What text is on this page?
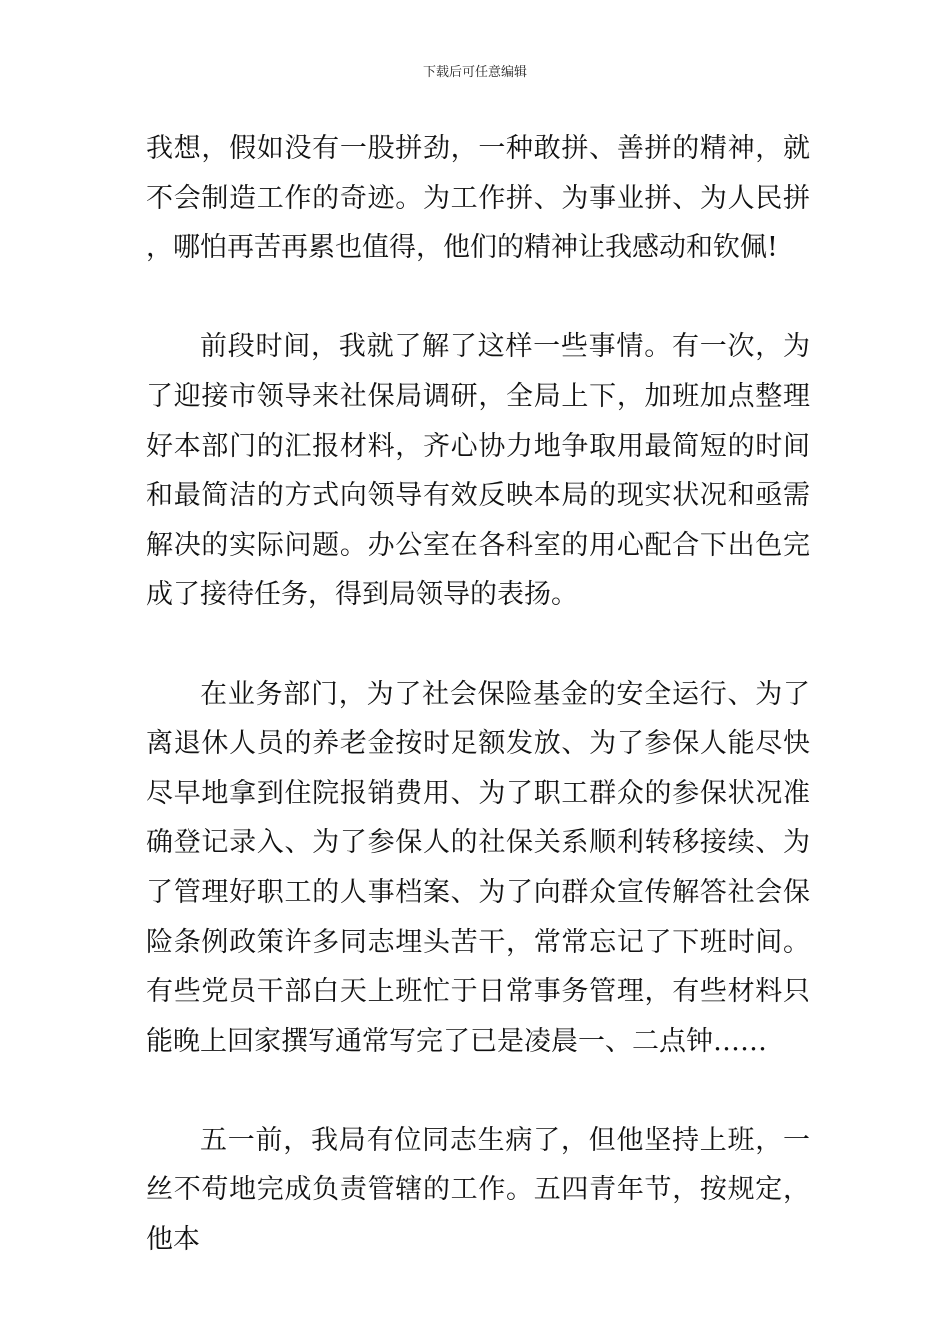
下载后可任意编辑

我想，假如没有一股拼劲，一种敢拼、善拼的精神，就不会制造工作的奇迹。为工作拼、为事业拼、为人民拼，哪怕再苦再累也值得，他们的精神让我感动和钦佩!

前段时间，我就了解了这样一些事情。有一次，为了迎接市领导来社保局调研，全局上下，加班加点整理好本部门的汇报材料，齐心协力地争取用最简短的时间和最简洁的方式向领导有效反映本局的现实状况和亟需解决的实际问题。办公室在各科室的用心配合下出色完成了接待任务，得到局领导的表扬。

在业务部门，为了社会保险基金的安全运行、为了离退休人员的养老金按时足额发放、为了参保人能尽快尽早地拿到住院报销费用、为了职工群众的参保状况准确登记录入、为了参保人的社保关系顺利转移接续、为了管理好职工的人事档案、为了向群众宣传解答社会保险条例政策许多同志埋头苦干，常常忘记了下班时间。有些党员干部白天上班忙于日常事务管理，有些材料只能晚上回家撰写通常写完了已是凌晨一、二点钟……

五一前，我局有位同志生病了，但他坚持上班，一丝不苟地完成负责管辖的工作。五四青年节，按规定，他本
